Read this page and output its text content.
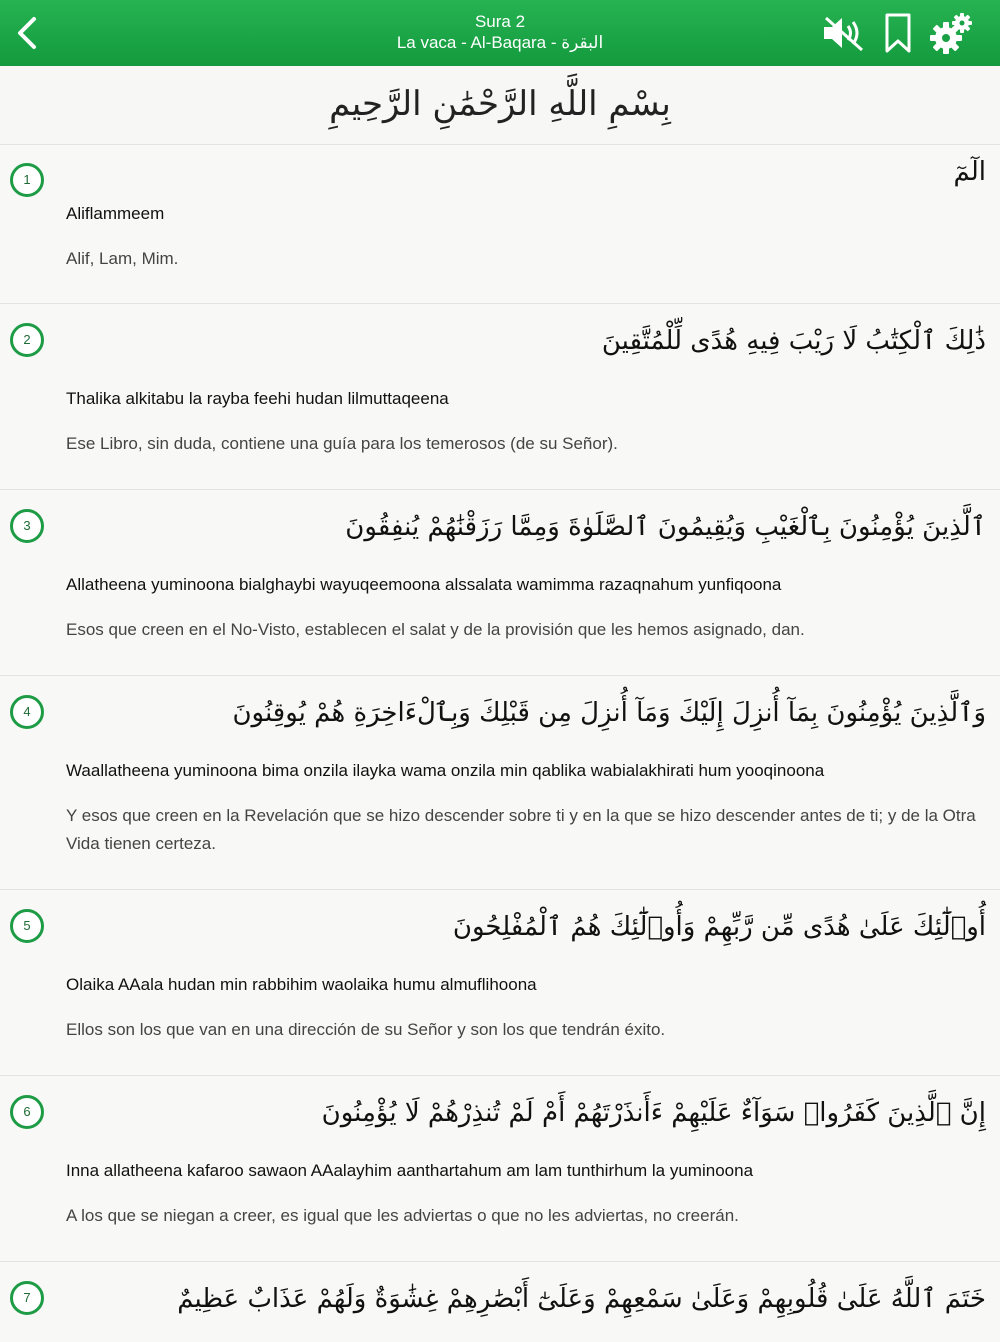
Sura 2
La vaca - Al-Baqara - البقرة
بِسْمِ اللَّهِ الرَّحْمَٰنِ الرَّحِيمِ
1	الٓمٓ
Aliflammeem
Alif, Lam, Mim.
2	ذَٰلِكَ ٱلْكِتَٰبُ لَا رَيْبَ فِيهِ هُدًى لِّلْمُتَّقِينَ
Thalika alkitabu la rayba feehi hudan lilmuttaqeena
Ese Libro, sin duda, contiene una guía para los temerosos (de su Señor).
3	ٱلَّذِينَ يُؤْمِنُونَ بِٱلْغَيْبِ وَيُقِيمُونَ ٱلصَّلَوٰةَ وَمِمَّا رَزَقْنَٰهُمْ يُنفِقُونَ
Allatheena yuminoona bialghaybi wayuqeemoona alssalata wamimma razaqnahum yunfiqoona
Esos que creen en el No-Visto, establecen el salat y de la provisión que les hemos asignado, dan.
4	وَٱلَّذِينَ يُؤْمِنُونَ بِمَآ أُنزِلَ إِلَيْكَ وَمَآ أُنزِلَ مِن قَبْلِكَ وَبِٱلْءَاخِرَةِ هُمْ يُوقِنُونَ
Waallatheena yuminoona bima onzila ilayka wama onzila min qablika wabialakhirati hum yooqinoona
Y esos que creen en la Revelación que se hizo descender sobre ti y en la que se hizo descender antes de ti; y de la Otra Vida tienen certeza.
5	أُو۟لَٰٓئِكَ عَلَىٰ هُدًى مِّن رَّبِّهِمْ وَأُو۟لَٰٓئِكَ هُمُ ٱلْمُفْلِحُونَ
Olaika AAala hudan min rabbihim waolaika humu almuflihoona
Ellos son los que van en una dirección de su Señor y son los que tendrán éxito.
6	إِنَّ ٱلَّذِينَ كَفَرُوا۟ سَوَآءٌ عَلَيْهِمْ ءَأَنذَرْتَهُمْ أَمْ لَمْ تُنذِرْهُمْ لَا يُؤْمِنُونَ
Inna allatheena kafaroo sawaon AAalayhim aanthartahum am lam tunthirhum la yuminoona
A los que se niegan a creer, es igual que les adviertas o que no les adviertas, no creerán.
7	خَتَمَ ٱللَّهُ عَلَىٰ قُلُوبِهِمْ وَعَلَىٰ سَمْعِهِمْ وَعَلَىٰٓ أَبْصَٰرِهِمْ غِشَٰوَةٌ وَلَهُمْ عَذَابٌ عَظِيمٌ
